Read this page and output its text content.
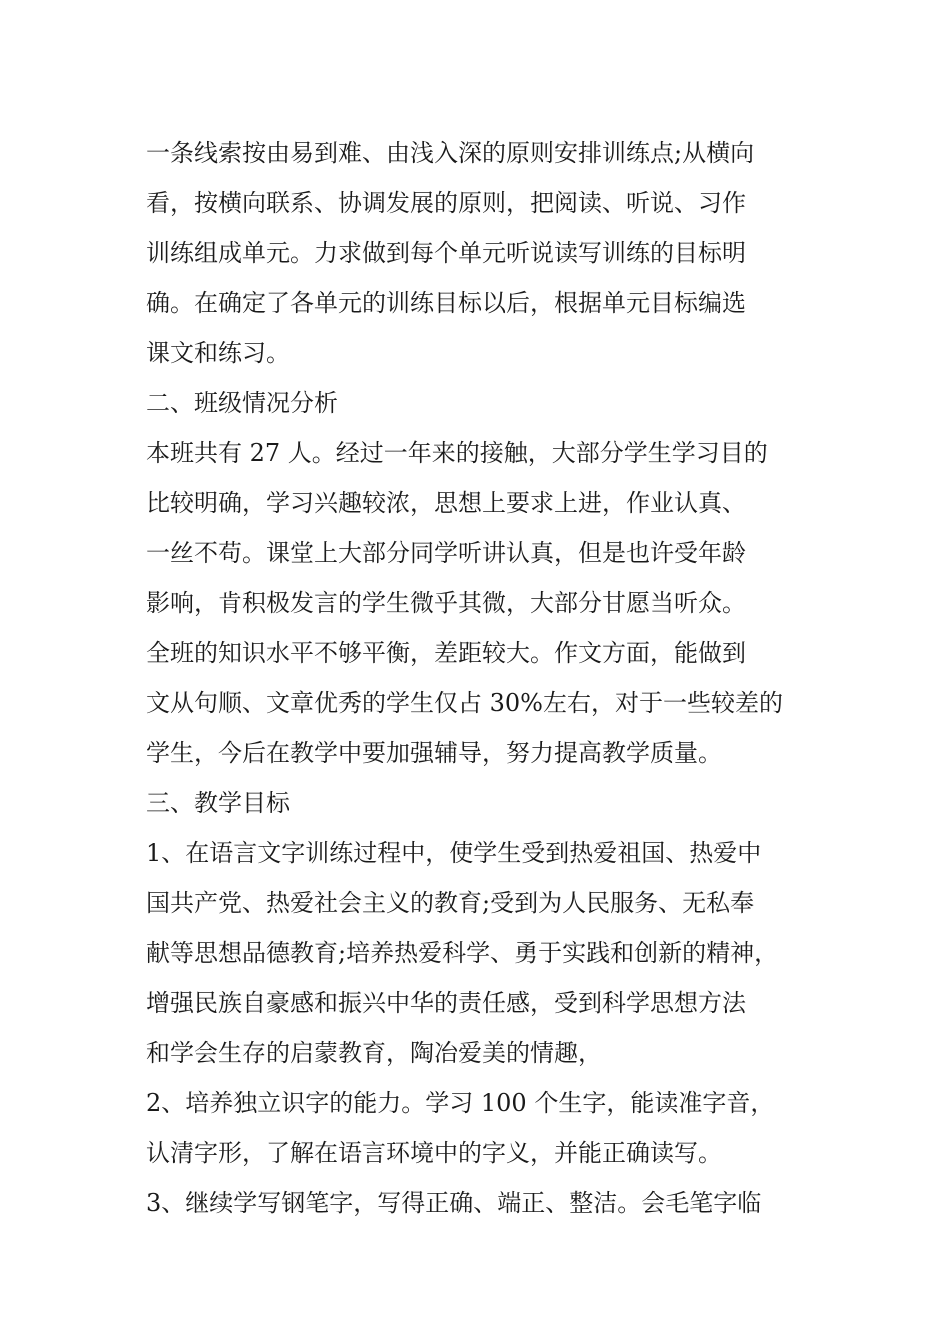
一条线索按由易到难、由浅入深的原则安排训练点;从横向
看，按横向联系、协调发展的原则，把阅读、听说、习作
训练组成单元。力求做到每个单元听说读写训练的目标明
确。在确定了各单元的训练目标以后，根据单元目标编选
课文和练习。
二、班级情况分析
本班共有 27 人。经过一年来的接触，大部分学生学习目的
比较明确，学习兴趣较浓，思想上要求上进，作业认真、
一丝不苟。课堂上大部分同学听讲认真，但是也许受年龄
影响，肯积极发言的学生微乎其微，大部分甘愿当听众。
全班的知识水平不够平衡，差距较大。作文方面，能做到
文从句顺、文章优秀的学生仅占 30%左右，对于一些较差的
学生，今后在教学中要加强辅导，努力提高教学质量。
三、教学目标
1、在语言文字训练过程中，使学生受到热爱祖国、热爱中
国共产党、热爱社会主义的教育;受到为人民服务、无私奉
献等思想品德教育;培养热爱科学、勇于实践和创新的精神，
增强民族自豪感和振兴中华的责任感，受到科学思想方法
和学会生存的启蒙教育，陶冶爱美的情趣，
2、培养独立识字的能力。学习 100 个生字，能读准字音，
认清字形，了解在语言环境中的字义，并能正确读写。
3、继续学写钢笔字，写得正确、端正、整洁。会毛笔字临
